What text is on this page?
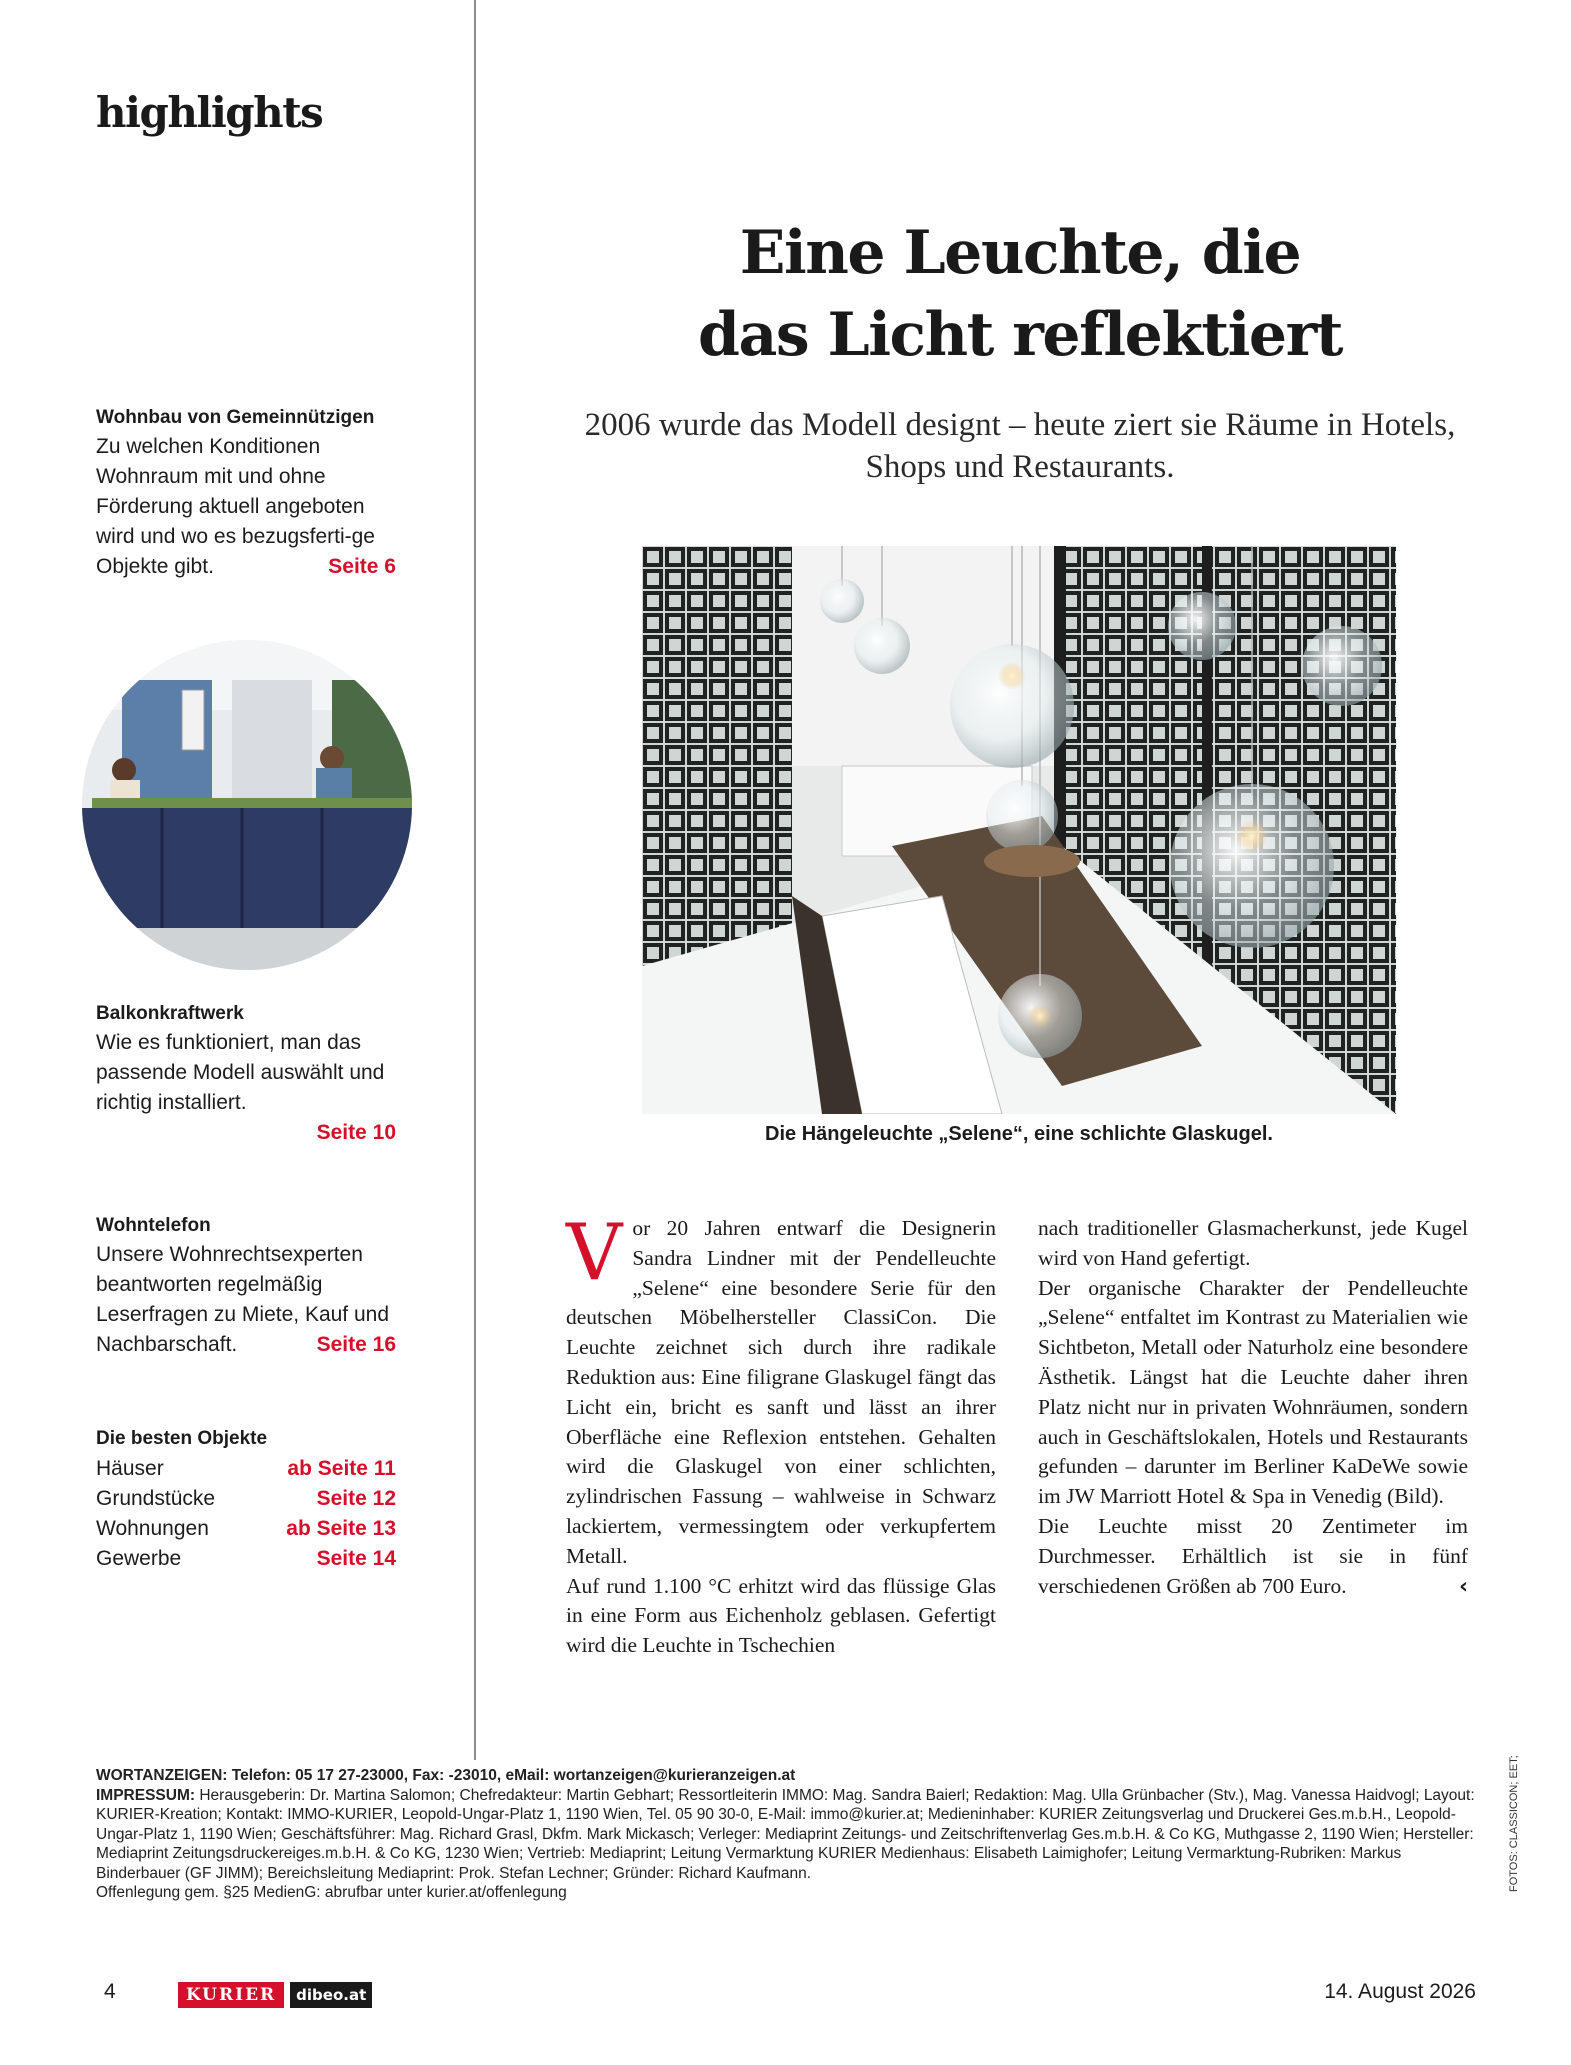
highlights
Wohnbau von Gemeinnützigen
Zu welchen Konditionen Wohnraum mit und ohne Förderung aktuell angeboten wird und wo es bezugsferti-ge Objekte gibt.	Seite 6
Balkonkraftwerk
Wie es funktioniert, man das passende Modell auswählt und richtig installiert.
Seite 10
Wohntelefon
Unsere Wohnrechtsexperten beantworten regelmäßig Leserfragen zu Miete, Kauf und Nachbarschaft.	Seite 16
Die besten Objekte
Häuser	ab Seite 11
Grundstücke	Seite 12
Wohnungen	ab Seite 13
Gewerbe	Seite 14
Eine Leuchte, die
das Licht reflektiert

2006 wurde das Modell designt – heute ziert sie Räume in Hotels, Shops und Restaurants.

Die Hängeleuchte „Selene“, eine schlichte Glaskugel.

Vor 20 Jahren entwarf die Designerin Sandra Lindner mit der Pendelleuchte „Selene“ eine besondere Serie für den deutschen Möbelhersteller ClassiCon. Die Leuchte zeichnet sich durch ihre radikale Reduktion aus: Eine filigrane Glaskugel fängt das Licht ein, bricht es sanft und lässt an ihrer Oberfläche eine Reflexion entstehen. Gehalten wird die Glaskugel von einer schlichten, zylindrischen Fassung – wahlweise in Schwarz lackiertem, vermessingtem oder verkupfertem Metall.

Auf rund 1.100 °C erhitzt wird das flüssige Glas in eine Form aus Eichenholz geblasen. Gefertigt wird die Leuchte in Tschechien

nach traditioneller Glasmacherkunst, jede Kugel wird von Hand gefertigt.

Der organische Charakter der Pendelleuchte „Selene“ entfaltet im Kontrast zu Materialien wie Sichtbeton, Metall oder Naturholz eine besondere Ästhetik. Längst hat die Leuchte daher ihren Platz nicht nur in privaten Wohnräumen, sondern auch in Geschäftslokalen, Hotels und Restaurants gefunden – darunter im Berliner KaDeWe sowie im JW Marriott Hotel & Spa in Venedig (Bild).

Die Leuchte misst 20 Zentimeter im Durchmesser. Erhältlich ist sie in fünf verschiedenen Größen ab 700 Euro.	‹

WORTANZEIGEN: Telefon: 05 17 27-23000, Fax: -23010, eMail: wortanzeigen@kurieranzeigen.at
IMPRESSUM: Herausgeberin: Dr. Martina Salomon; Chefredakteur: Martin Gebhart; Ressortleiterin IMMO: Mag. Sandra Baierl; Redaktion: Mag. Ulla Grünbacher (Stv.), Mag. Vanessa Haidvogl; Layout: KURIER-Kreation; Kontakt: IMMO-KURIER, Leopold-Ungar-Platz 1, 1190 Wien, Tel. 05 90 30-0, E-Mail: immo@kurier.at; Medieninhaber: KURIER Zeitungsverlag und Druckerei Ges.m.b.H., Leopold-Ungar-Platz 1, 1190 Wien; Geschäftsführer: Mag. Richard Grasl, Dkfm. Mark Mickasch; Verleger: Mediaprint Zeitungs- und Zeitschriftenverlag Ges.m.b.H. & Co KG, Muthgasse 2, 1190 Wien; Hersteller: Mediaprint Zeitungsdruckereiges.m.b.H. & Co KG, 1230 Wien; Vertrieb: Mediaprint; Leitung Vermarktung KURIER Medienhaus: Elisabeth Laimighofer; Leitung Vermarktung-Rubriken: Markus Binderbauer (GF JIMM); Bereichsleitung Mediaprint: Prok. Stefan Lechner; Gründer: Richard Kaufmann.
Offenlegung gem. §25 MedienG: abrufbar unter kurier.at/offenlegung
FOTOS: CLASSICON; EET;
4	KURIER	dibeo.at	14. August 2026
